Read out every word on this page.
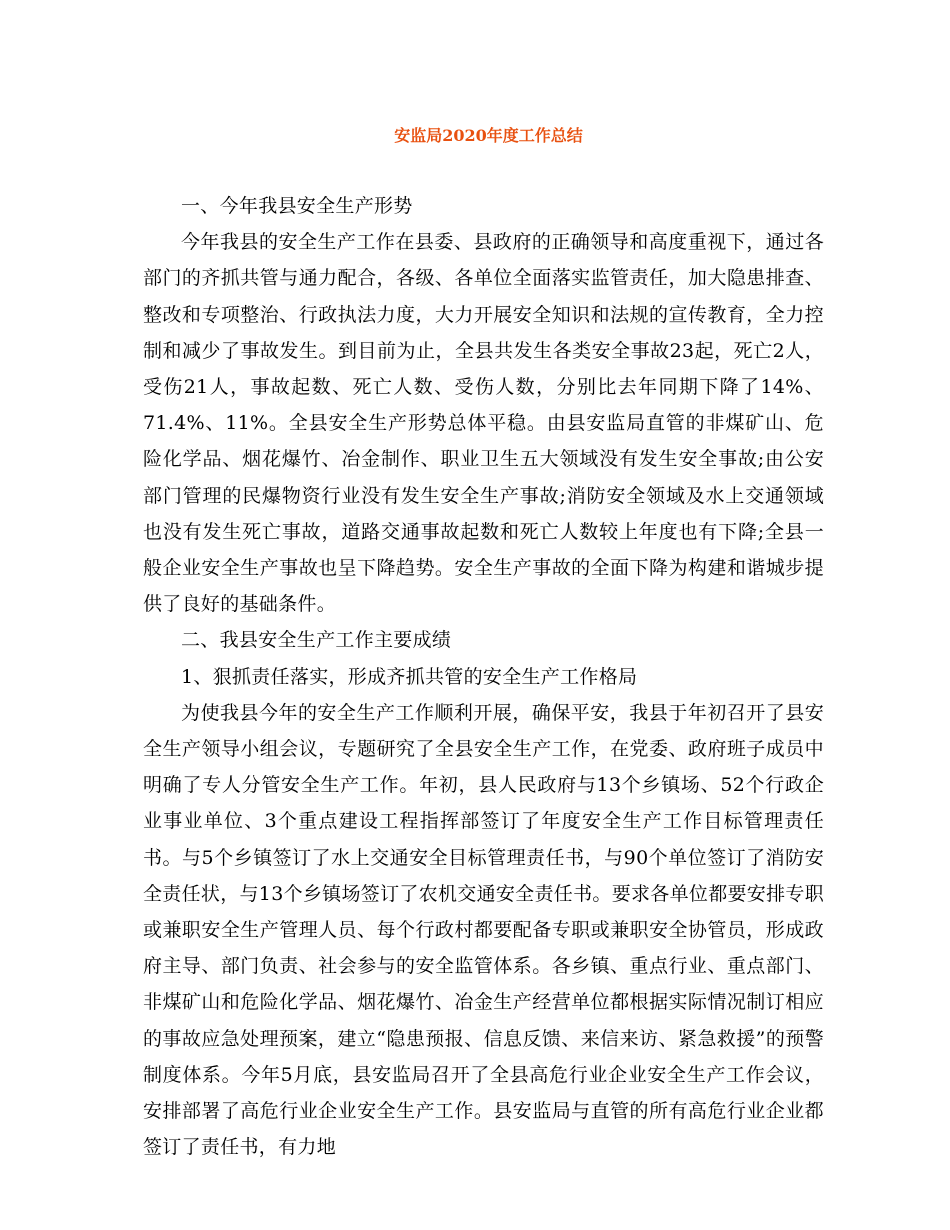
安监局2020年度工作总结

一、今年我县安全生产形势

今年我县的安全生产工作在县委、县政府的正确领导和高度重视下，通过各部门的齐抓共管与通力配合，各级、各单位全面落实监管责任，加大隐患排查、整改和专项整治、行政执法力度，大力开展安全知识和法规的宣传教育，全力控制和减少了事故发生。到目前为止，全县共发生各类安全事故23起，死亡2人，受伤21人，事故起数、死亡人数、受伤人数，分别比去年同期下降了14%、71.4%、11%。全县安全生产形势总体平稳。由县安监局直管的非煤矿山、危险化学品、烟花爆竹、冶金制作、职业卫生五大领域没有发生安全事故;由公安部门管理的民爆物资行业没有发生安全生产事故;消防安全领域及水上交通领域也没有发生死亡事故，道路交通事故起数和死亡人数较上年度也有下降;全县一般企业安全生产事故也呈下降趋势。安全生产事故的全面下降为构建和谐城步提供了良好的基础条件。

二、我县安全生产工作主要成绩

1、狠抓责任落实，形成齐抓共管的安全生产工作格局

为使我县今年的安全生产工作顺利开展，确保平安，我县于年初召开了县安全生产领导小组会议，专题研究了全县安全生产工作，在党委、政府班子成员中明确了专人分管安全生产工作。年初，县人民政府与13个乡镇场、52个行政企业事业单位、3个重点建设工程指挥部签订了年度安全生产工作目标管理责任书。与5个乡镇签订了水上交通安全目标管理责任书，与90个单位签订了消防安全责任状，与13个乡镇场签订了农机交通安全责任书。要求各单位都要安排专职或兼职安全生产管理人员、每个行政村都要配备专职或兼职安全协管员，形成政府主导、部门负责、社会参与的安全监管体系。各乡镇、重点行业、重点部门、非煤矿山和危险化学品、烟花爆竹、冶金生产经营单位都根据实际情况制订相应的事故应急处理预案，建立“隐患预报、信息反馈、来信来访、紧急救援”的预警制度体系。今年5月底，县安监局召开了全县高危行业企业安全生产工作会议，安排部署了高危行业企业安全生产工作。县安监局与直管的所有高危行业企业都签订了责任书，有力地
